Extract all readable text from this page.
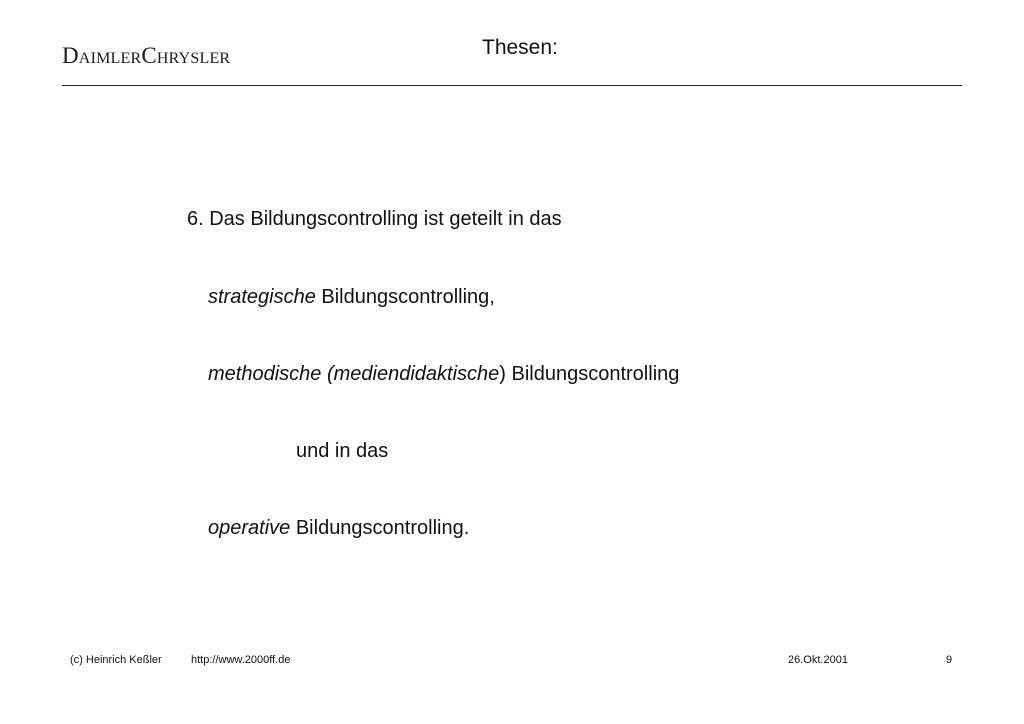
DaimlerChrysler	Thesen:
6. Das Bildungscontrolling ist geteilt in das
strategische Bildungscontrolling,
methodische (mediendidaktische) Bildungscontrolling
und in das
operative Bildungscontrolling.
(c) Heinrich Keßler	http://www.2000ff.de	26.Okt.2001	9
